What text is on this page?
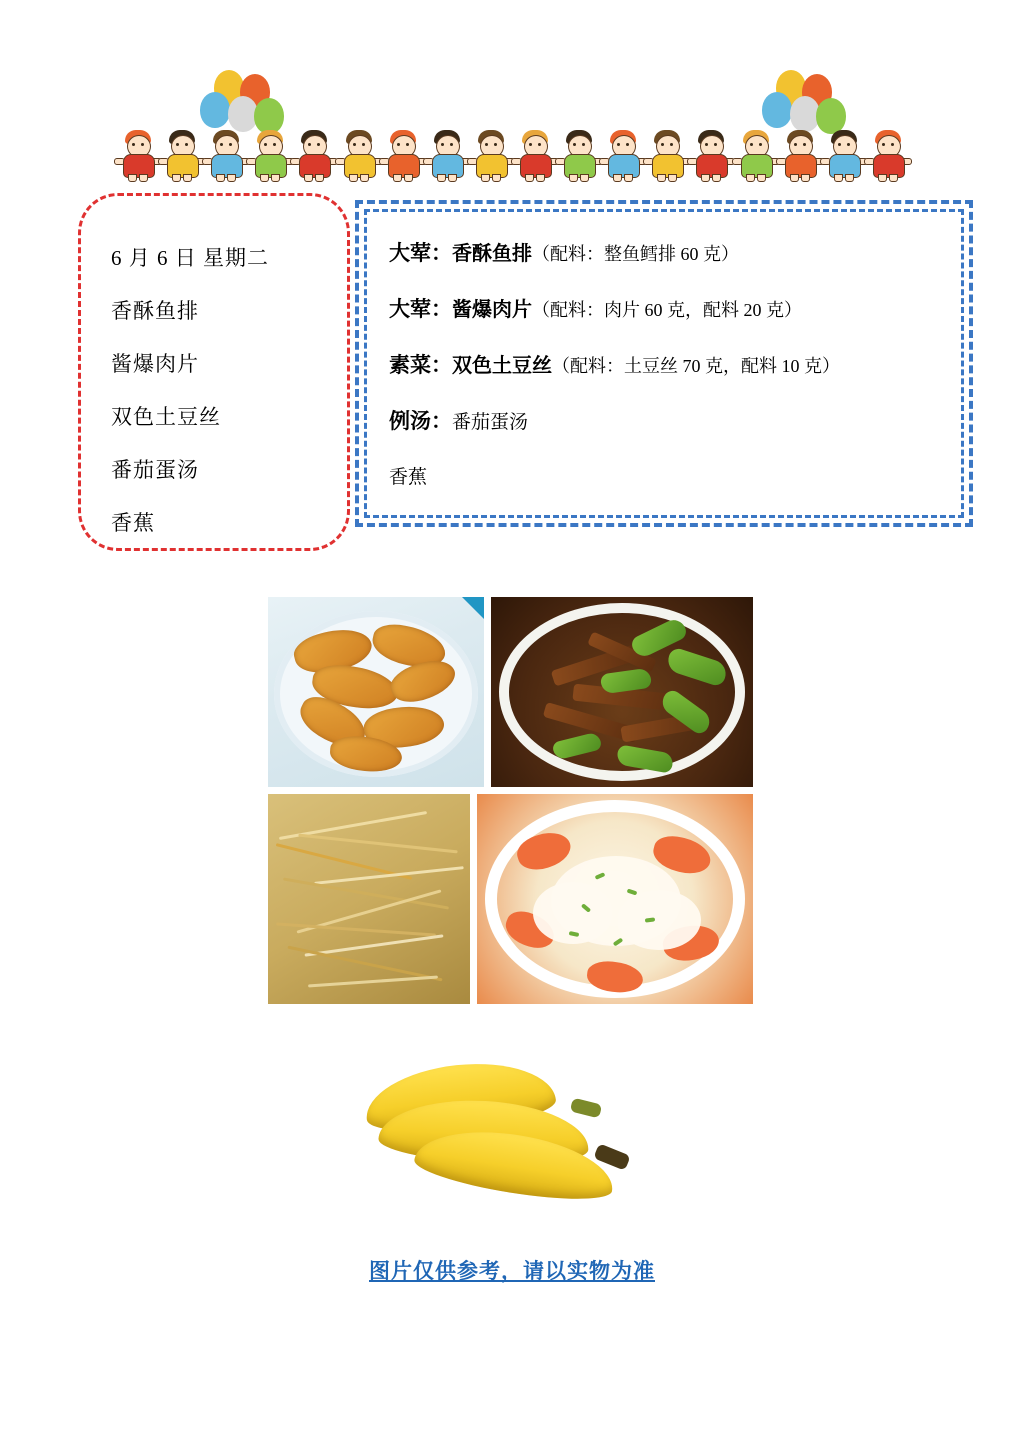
6 月 6 日 星期二
香酥鱼排
酱爆肉片
双色土豆丝
番茄蛋汤
香蕉
大荤：香酥鱼排（配料：整鱼鳕排 60 克）
大荤：酱爆肉片（配料：肉片 60 克，配料 20 克）
素菜：双色土豆丝（配料：土豆丝 70 克，配料 10 克）
例汤：番茄蛋汤
香蕉
图片仅供参考，请以实物为准
